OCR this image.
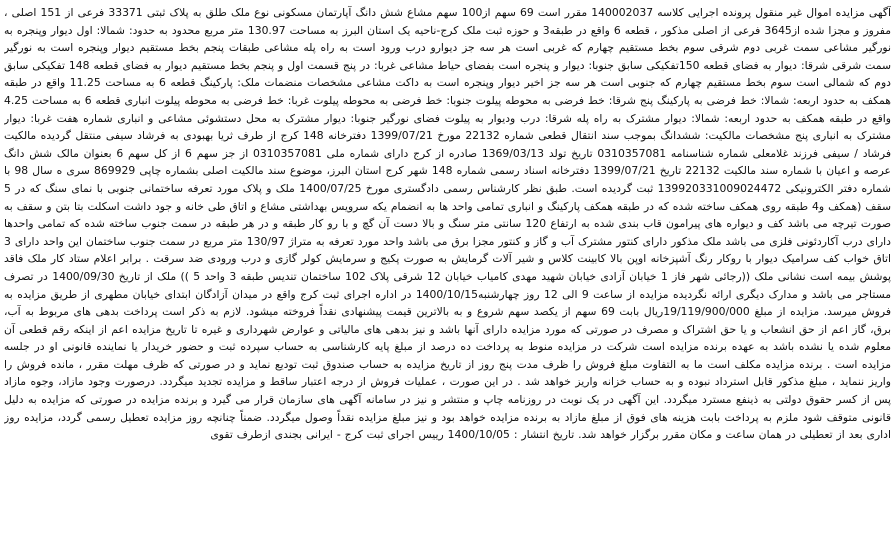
آگهی مزایده اموال غیر منقول پرونده اجرایی کلاسه 140002037 مقرر است 69 سهم از100 سهم مشاع شش دانگ آپارتمان مسکونی نوع ملک طلق به پلاک ثبتی 33371 فرعی از 151 اصلی ، مفروز و مجزا شده از3645 فرعی از اصلی مذکور ، قطعه 6 واقع در طبقه3 و حوزه ثبت ملک کرج-ناحیه یک استان البرز به مساحت 130.97 متر مربع محدود به حدود: شمالا: اول دیوار وپنجره به نورگیر مشاعی سمت غربی دوم شرقی سوم بخط مستقیم چهارم که غربی است هر سه جز دیوارو درب ورود است به راه پله مشاعی طبقات پنجم بخط مستقیم دیوار وپنجره است به نورگیر سمت شرقی شرقا: دیوار به فضای قطعه 150تفکیکی سابق جنوبا: دیوار و پنجره است بفضای حیاط مشاعی غربا: در پنج قسمت اول و پنجم بخط مستقیم دیوار به فضای قطعه 148 تفکیکی سابق دوم که شمالی است سوم بخط مستقیم چهارم که جنوبی است هر سه جز اخیر دیوار وپنجره است به داکت مشاعی مشخصات منضمات ملک: پارکینگ قطعه 6 به مساحت 11.25 واقع در طبقه همکف به حدود اربعه: شمالا: خط فرضی به پارکینگ پنج شرقا: خط فرضی به محوطه پیلوت جنوبا: خط فرضی به محوطه پیلوت غربا: خط فرضی به محوطه پیلوت انباری قطعه 6 به مساحت 4.25 واقع در طبقه همکف به حدود اربعه: شمالا: دیوار مشترک به راه پله شرقا: درب ودیوار به پیلوت فضای نورگیر جنوبا: دیوار مشترک به محل دستشوئی مشاعی و انباری شماره هفت غربا: دیوار مشترک به انباری پنج مشخصات مالکیت: ششدانگ بموجب سند انتقال قطعی شماره 22132 مورخ 1399/07/21 دفترخانه 148 کرج از طرف ثریا بهبودی به فرشاد سیفی منتقل گردیده مالکیت فرشاد / سیفی فرزند غلامعلی شماره شناسنامه 0310357081 تاریخ تولد 1369/03/13 صادره از کرج دارای شماره ملی 0310357081 از جز سهم 6 از کل سهم 6 بعنوان مالک شش دانگ عرصه و اعیان با شماره سند مالکیت 22132 تاریخ 1399/07/21 دفترخانه اسناد رسمی شماره 148 شهر کرج استان البرز، موضوع سند مالکیت اصلی بشماره چاپی 869929 سری ه سال 98 با شماره دفتر الکترونیکی 139920331009024472 ثبت گردیده است. طبق نظر کارشناس رسمی دادگستری مورخ 1400/07/25 ملک و پلاک مورد تعرفه ساختمانی جنوبی با نمای سنگ که در 5 سقف (همکف و4 طبقه روی همکف ساخته شده که در طبقه همکف پارکینگ و انباری تمامی واحد ها به انضمام یکه سرویس بهداشتی مشاع و اتاق طی خانه و جود داشت اسکلت بتا بتن و سقف به صورت تیرچه می باشد کف و دیواره های پیرامون قاب بندی شده به ارتفاع 120 سانتی متر سنگ و بالا دست آن گچ و با رو کار طبقه و در هر طبقه در سمت جنوب ساخته شده که تمامی واحدها دارای درب آکاردئونی فلزی می باشد ملک مذکور دارای کنتور مشترک آب و گاز و کنتور مجزا برق می باشد واحد مورد تعرفه به متراژ 130/97 متر مربع در سمت جنوب ساختمان این واحد دارای 3 اتاق خواب کف سرامیک دیوار با روکار رنگ آشپزخانه اوپن بالا کابینت کلاس و شیر آلات گرمایش به صورت پکیج و سرمایش کولر گازی و درب ورودی ضد سرقت . برابر اعلام ستاد کار ملک فاقد پوشش بیمه است نشانی ملک ((رجائی شهر فاز 1 خیابان آزادی خیابان شهید مهدی کامیاب خیابان 12 شرقی پلاک 102 ساختمان تندیس طبقه 3 واحد 5 )) ملک از تاریخ 1400/09/30 در تصرف مستاجر می باشد و مدارک دیگری ارائه نگردیده مزایده از ساعت 9 الی 12 روز چهارشنبه1400/10/15 در اداره اجرای ثبت کرج واقع در میدان آزادگان ابتدای خیابان مطهری از طریق مزایده به فروش میرسد. مزایده از مبلغ 19/119/900/000ریال بابت 69 سهم از یکصد سهم شروع و به بالاترین قیمت پیشنهادی نقداً فروخته میشود. لازم به ذکر است پرداخت بدهی های مربوط به آب، برق، گاز اعم از حق انشعاب و یا حق اشتراک و مصرف در صورتی که مورد مزایده دارای آنها باشد و نیز بدهی های مالیاتی و عوارض شهرداری و غیره تا تاریخ مزایده اعم از اینکه رقم قطعی آن معلوم شده یا نشده باشد به عهده برنده مزایده است شرکت در مزایده منوط به پرداخت ده درصد از مبلغ پایه کارشناسی به حساب سپرده ثبت و حضور خریدار یا نماینده قانونی او در جلسه مزایده است . برنده مزایده مکلف است ما به التفاوت مبلغ فروش را ظرف مدت پنج روز از تاریخ مزایده به حساب صندوق ثبت تودیع نماید و در صورتی که ظرف مهلت مقرر ، مانده فروش را واریز ننماید ، مبلغ مذکور قابل استرداد نبوده و به حساب خزانه واریز خواهد شد . در این صورت ، عملیات فروش از درجه اعتبار ساقط و مزایده تجدید میگردد. درصورت وجود مازاد، وجوه مازاد پس از کسر حقوق دولتی به ذینفع مسترد میگردد. این آگهی در یک نوبت در روزنامه چاپ و منتشر و نیز در سامانه آگهی های سازمان قرار می گیرد و برنده مزایده در صورتی که مزایده به دلیل قانونی متوقف شود ملزم به پرداخت بابت هزینه های فوق از مبلغ مازاد به برنده مزایده خواهد بود و نیز مبلغ مزایده نقداً وصول میگردد. ضمناً چنانچه روز مزایده تعطیل رسمی گردد، مزایده روز اداری بعد از تعطیلی در همان ساعت و مکان مقرر برگزار خواهد شد. تاریخ انتشار : 1400/10/05 رییس اجرای ثبت کرج - ایرانی بجندی ازطرف تقوی
